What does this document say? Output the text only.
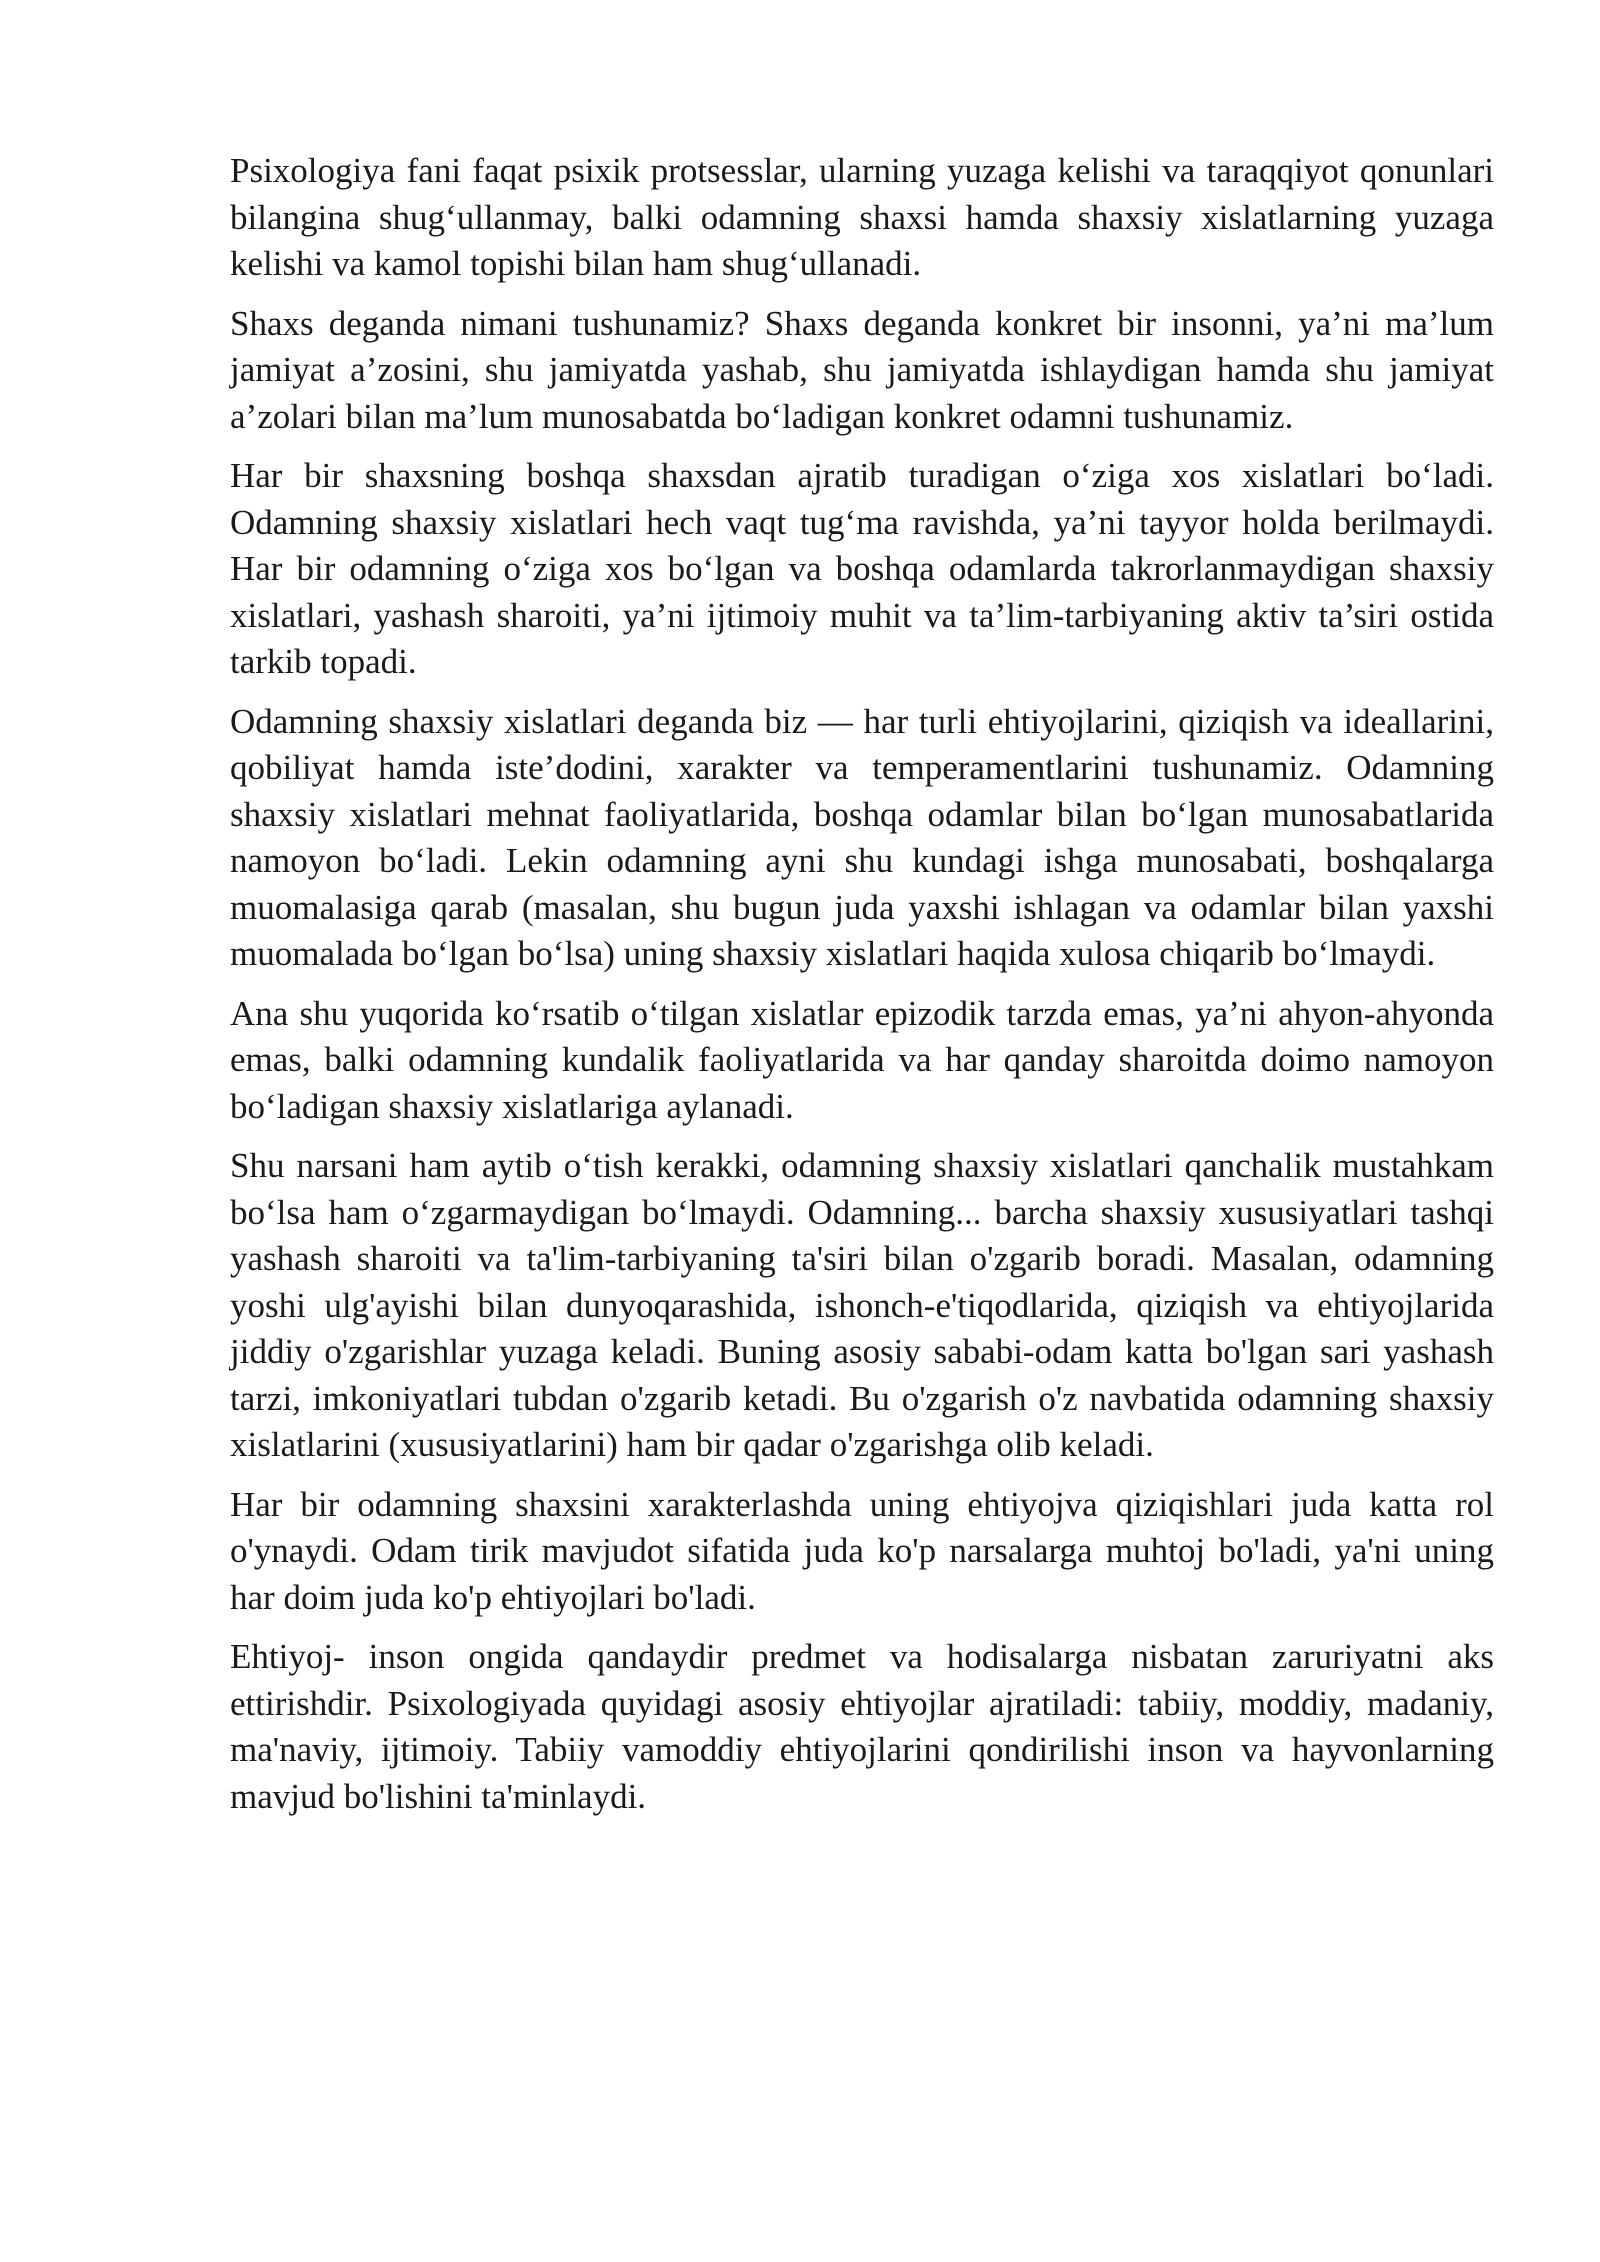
Psixologiya fani faqat psixik protsesslar, ularning yuzaga kelishi va taraqqiyot qonunlari bilangina shug‘ullanmay, balki odamning shaxsi hamda shaxsiy xislatlarning yuzaga kelishi va kamol topishi bilan ham shug‘ullanadi.

Shaxs deganda nimani tushunamiz? Shaxs deganda konkret bir insonni, ya’ni ma’lum jamiyat a’zosini, shu jamiyatda yashab, shu jamiyatda ishlaydigan hamda shu jamiyat a’zolari bilan ma’lum munosabatda bo‘ladigan konkret odamni tushunamiz.

Har bir shaxsning boshqa shaxsdan ajratib turadigan o‘ziga xos xislatlari bo‘ladi. Odamning shaxsiy xislatlari hech vaqt tug‘ma ravishda, ya’ni tayyor holda berilmaydi. Har bir odamning o‘ziga xos bo‘lgan va boshqa odamlarda takrorlanmaydigan shaxsiy xislatlari, yashash sharoiti, ya’ni ijtimoiy muhit va ta’lim-tarbiyaning aktiv ta’siri ostida tarkib topadi.

Odamning shaxsiy xislatlari deganda biz — har turli ehtiyojlarini, qiziqish va ideallarini, qobiliyat hamda iste’dodini, xarakter va temperamentlarini tushunamiz. Odamning shaxsiy xislatlari mehnat faoliyatlarida, boshqa odamlar bilan bo‘lgan munosabatlarida namoyon bo‘ladi. Lekin odamning ayni shu kundagi ishga munosabati, boshqalarga muomalasiga qarab (masalan, shu bugun juda yaxshi ishlagan va odamlar bilan yaxshi muomalada bo‘lgan bo‘lsa) uning shaxsiy xislatlari haqida xulosa chiqarib bo‘lmaydi.

Ana shu yuqorida ko‘rsatib o‘tilgan xislatlar epizodik tarzda emas, ya’ni ahyon-ahyonda emas, balki odamning kundalik faoliyatlarida va har qanday sharoitda doimo namoyon bo‘ladigan shaxsiy xislatlariga aylanadi.

Shu narsani ham aytib o‘tish kerakki, odamning shaxsiy xislatlari qanchalik mustahkam bo‘lsa ham o‘zgarmaydigan bo‘lmaydi. Odamning... barcha shaxsiy xususiyatlari tashqi yashash sharoiti va ta'lim-tarbiyaning ta'siri bilan o'zgarib boradi. Masalan, odamning yoshi ulg'ayishi bilan dunyoqarashida, ishonch-e'tiqodlarida, qiziqish va ehtiyojlarida jiddiy o'zgarishlar yuzaga keladi. Buning asosiy sababi-odam katta bo'lgan sari yashash tarzi, imkoniyatlari tubdan o'zgarib ketadi. Bu o'zgarish o'z navbatida odamning shaxsiy xislatlarini (xususiyatlarini) ham bir qadar o'zgarishga olib keladi.

Har bir odamning shaxsini xarakterlashda uning ehtiyojva qiziqishlari juda katta rol o'ynaydi. Odam tirik mavjudot sifatida juda ko'p narsalarga muhtoj bo'ladi, ya'ni uning har doim juda ko'p ehtiyojlari bo'ladi.

Ehtiyoj- inson ongida qandaydir predmet va hodisalarga nisbatan zaruriyatni aks ettirishdir. Psixologiyada quyidagi asosiy ehtiyojlar ajratiladi: tabiiy, moddiy, madaniy, ma'naviy, ijtimoiy. Tabiiy vamoddiy ehtiyojlarini qondirilishi inson va hayvonlarning mavjud bo'lishini ta'minlaydi.
